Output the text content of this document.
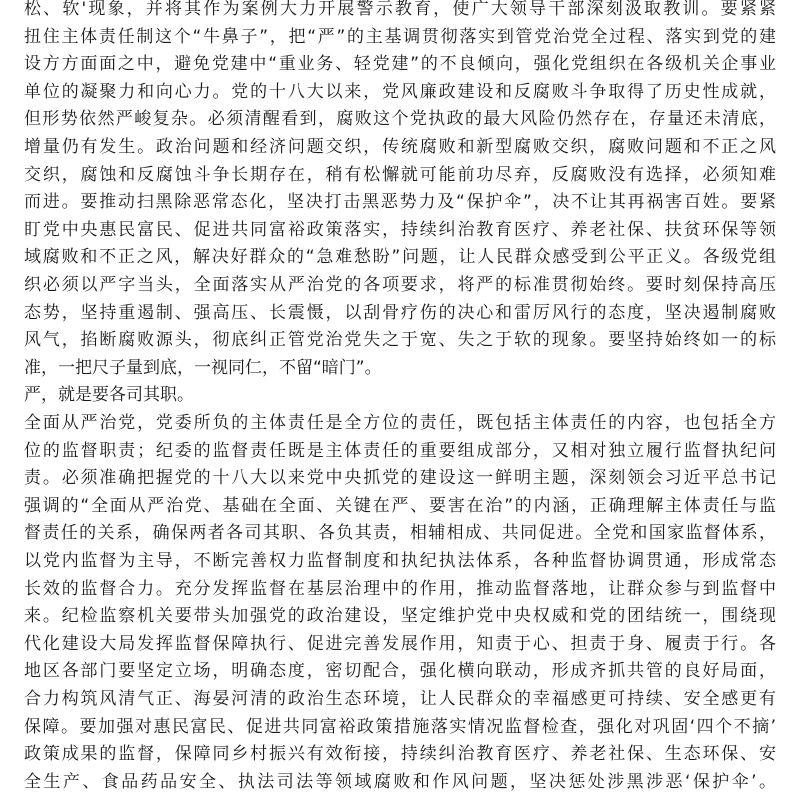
松、软'现象，并将其作为案例大力开展警示教育，使广大领导干部深刻汲取教训。要紧紧
扭住主体责任制这个“牛鼻子”，把“严”的主基调贯彻落实到管党治党全过程、落实到党的建
设方方面面之中，避免党建中“重业务、轻党建”的不良倾向，强化党组织在各级机关企事业
单位的凝聚力和向心力。党的十八大以来，党风廉政建设和反腐败斗争取得了历史性成就，
但形势依然严峻复杂。必须清醒看到，腐败这个党执政的最大风险仍然存在，存量还未清底，
增量仍有发生。政治问题和经济问题交织，传统腐败和新型腐败交织，腐败问题和不正之风
交织，腐蚀和反腐蚀斗争长期存在，稍有松懈就可能前功尽弃，反腐败没有选择，必须知难
而进。要推动扫黑除恶常态化，坚决打击黑恶势力及“保护伞”，决不让其再祸害百姓。要紧
盯党中央惠民富民、促进共同富裕政策落实，持续纠治教育医疗、养老社保、扶贫环保等领
域腐败和不正之风，解决好群众的“急难愁盼”问题，让人民群众感受到公平正义。各级党组
织必须以严字当头，全面落实从严治党的各项要求，将严的标准贯彻始终。要时刻保持高压
态势，坚持重遏制、强高压、长震慑，以刮骨疗伤的决心和雷厉风行的态度，坚决遏制腐败
风气，掐断腐败源头，彻底纠正管党治党失之于宽、失之于软的现象。要坚持始终如一的标
准，一把尺子量到底，一视同仁，不留“暗门”。
严，就是要各司其职。
全面从严治党，党委所负的主体责任是全方位的责任，既包括主体责任的内容，也包括全方
位的监督职责；纪委的监督责任既是主体责任的重要组成部分，又相对独立履行监督执纪问
责。必须准确把握党的十八大以来党中央抓党的建设这一鲜明主题，深刻领会习近平总书记
强调的“全面从严治党、基础在全面、关键在严、要害在治”的内涵，正确理解主体责任与监
督责任的关系，确保两者各司其职、各负其责，相辅相成、共同促进。全党和国家监督体系，
以党内监督为主导，不断完善权力监督制度和执纪执法体系，各种监督协调贯通，形成常态
长效的监督合力。充分发挥监督在基层治理中的作用，推动监督落地，让群众参与到监督中
来。纪检监察机关要带头加强党的政治建设，坚定维护党中央权威和党的团结统一，围绕现
代化建设大局发挥监督保障执行、促进完善发展作用，知责于心、担责于身、履责于行。各
地区各部门要坚定立场，明确态度，密切配合，强化横向联动，形成齐抓共管的良好局面，
合力构筑风清气正、海晏河清的政治生态环境，让人民群众的幸福感更可持续、安全感更有
保障。要加强对惠民富民、促进共同富裕政策措施落实情况监督检查，强化对巩固‘四个不摘’
政策成果的监督，保障同乡村振兴有效衔接，持续纠治教育医疗、养老社保、生态环保、安
全生产、食品药品安全、执法司法等领域腐败和作风问题，坚决惩处涉黑涉恶‘保护伞’。
